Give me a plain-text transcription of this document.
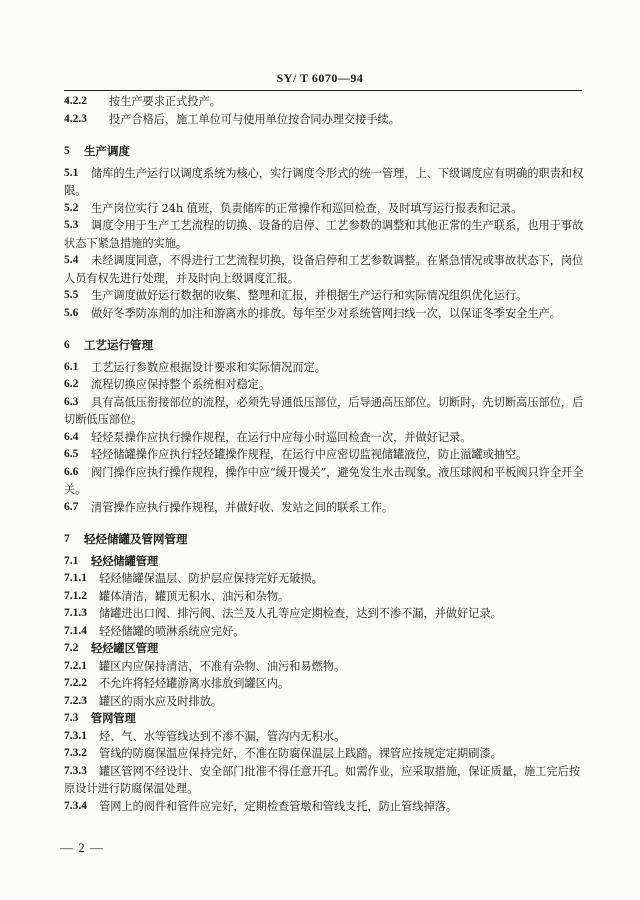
SY/ T 6070—94
4.2.2	按生产要求正式投产。
4.2.3	投产合格后，施工单位可与使用单位按合同办理交接手续。
5	生产调度
5.1	储库的生产运行以调度系统为核心，实行调度令形式的统一管理，上、下级调度应有明确的职责和权限。
5.2	生产岗位实行 24h 值班，负责储库的正常操作和巡回检查，及时填写运行报表和记录。
5.3	调度令用于生产工艺流程的切换、设备的启停、工艺参数的调整和其他正常的生产联系，也用于事故状态下紧急措施的实施。
5.4	未经调度同意，不得进行工艺流程切换，设备启停和工艺参数调整。在紧急情况或事故状态下，岗位人员有权先进行处理，并及时向上级调度汇报。
5.5	生产调度做好运行数据的收集、整理和汇报，并根据生产运行和实际情况组织优化运行。
5.6	做好冬季防冻剂的加注和游离水的排放。每年至少对系统管网扫线一次，以保证冬季安全生产。
6	工艺运行管理
6.1	工艺运行参数应根据设计要求和实际情况而定。
6.2	流程切换应保持整个系统相对稳定。
6.3	具有高低压衔接部位的流程，必须先导通低压部位，后导通高压部位。切断时，先切断高压部位，后切断低压部位。
6.4	轻烃泵操作应执行操作规程，在运行中应每小时巡回检查一次，并做好记录。
6.5	轻烃储罐操作应执行轻烃罐操作规程，在运行中应密切监视储罐液位，防止溢罐或抽空。
6.6	阀门操作应执行操作规程，操作中应“缓开慢关”，避免发生水击现象。液压球阀和平板阀只许全开全关。
6.7	清管操作应执行操作规程，并做好收、发站之间的联系工作。
7	轻烃储罐及管网管理
7.1	轻烃储罐管理
7.1.1	轻烃储罐保温层、防护层应保持完好无破损。
7.1.2	罐体清洁，罐顶无积水、油污和杂物。
7.1.3	储罐进出口阀、排污阀、法兰及人孔等应定期检查，达到不渗不漏，并做好记录。
7.1.4	轻烃储罐的喷淋系统应完好。
7.2	轻烃罐区管理
7.2.1	罐区内应保持清洁，不准有杂物、油污和易燃物。
7.2.2	不允许将轻烃罐游离水排放到罐区内。
7.2.3	罐区的雨水应及时排放。
7.3	管网管理
7.3.1	烃、气、水等管线达到不渗不漏，管沟内无积水。
7.3.2	管线的防腐保温应保持完好，不准在防腐保温层上践踏。裸管应按规定定期刷漆。
7.3.3	罐区管网不经设计、安全部门批准不得任意开孔。如需作业，应采取措施，保证质量，施工完后按原设计进行防腐保温处理。
7.3.4	管网上的阀件和管件应完好，定期检查管墩和管线支托，防止管线掉落。
— 2 —
